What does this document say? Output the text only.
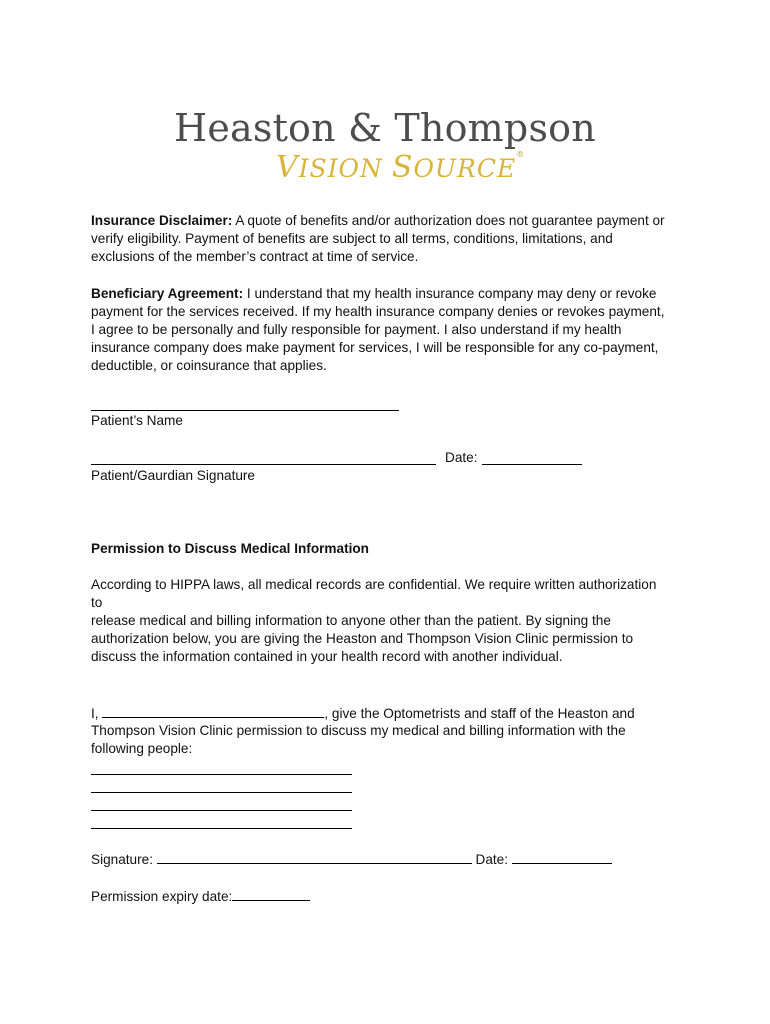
Heaston & Thompson
VISION SOURCE®
Insurance Disclaimer: A quote of benefits and/or authorization does not guarantee payment or
verify eligibility. Payment of benefits are subject to all terms, conditions, limitations, and
exclusions of the member’s contract at time of service.
Beneficiary Agreement: I understand that my health insurance company may deny or revoke
payment for the services received. If my health insurance company denies or revokes payment,
I agree to be personally and fully responsible for payment. I also understand if my health
insurance company does make payment for services, I will be responsible for any co-payment,
deductible, or coinsurance that applies.
Patient’s Name
Date:
Patient/Gaurdian Signature
Permission to Discuss Medical Information
According to HIPPA laws, all medical records are confidential. We require written authorization
to
release medical and billing information to anyone other than the patient. By signing the
authorization below, you are giving the Heaston and Thompson Vision Clinic permission to
discuss the information contained in your health record with another individual.
I,	, give the Optometrists and staff of the Heaston and
Thompson Vision Clinic permission to discuss my medical and billing information with the
following people:
Signature:	Date:
Permission expiry date:
